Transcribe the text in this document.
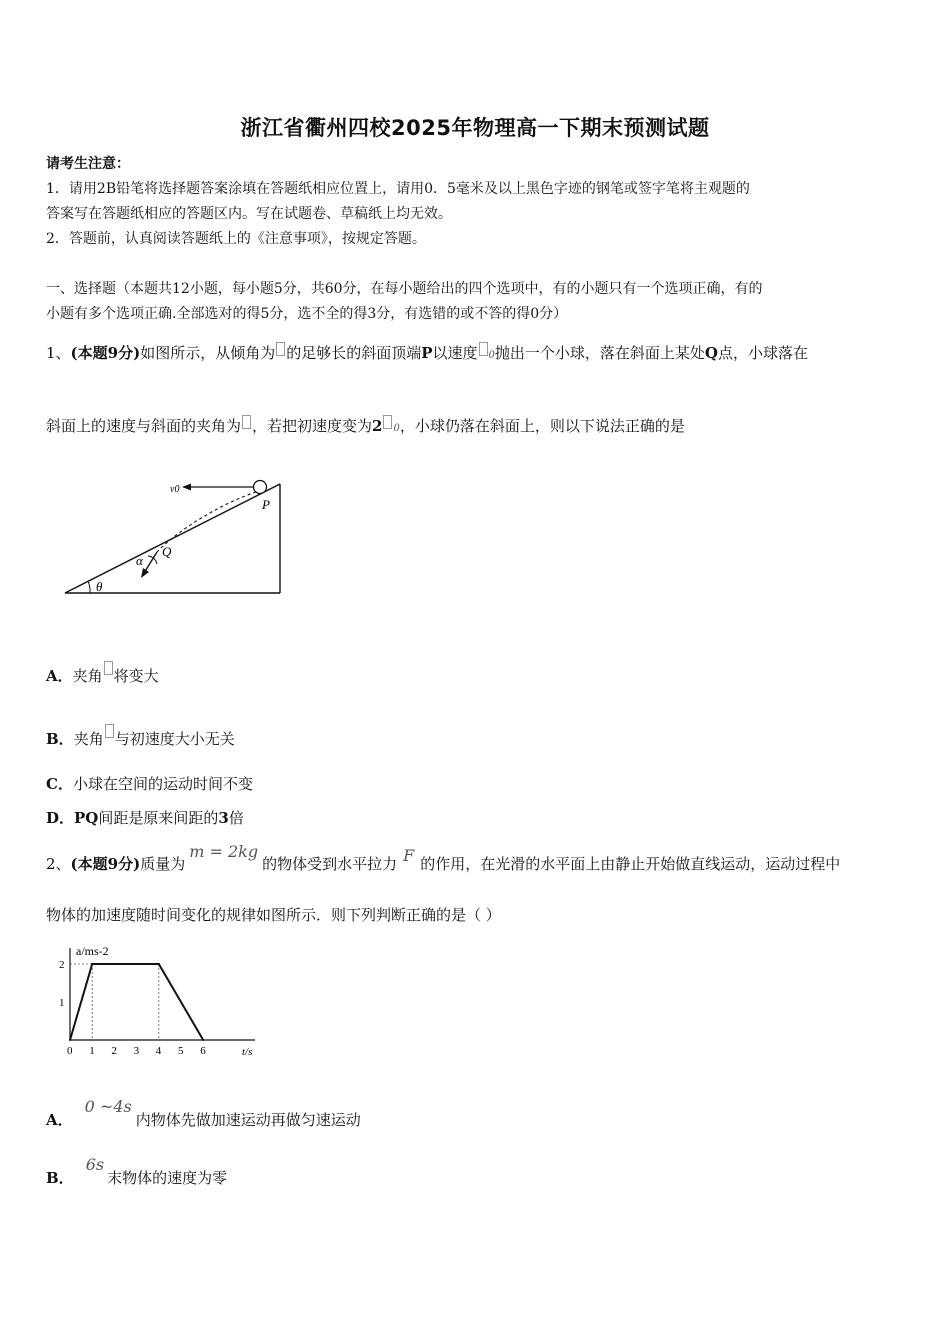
浙江省衢州四校2025年物理高一下期末预测试题
请考生注意：
1．请用2B铅笔将选择题答案涂填在答题纸相应位置上，请用0．5毫米及以上黑色字迹的钢笔或签字笔将主观题的
答案写在答题纸相应的答题区内。写在试题卷、草稿纸上均无效。
2．答题前，认真阅读答题纸上的《注意事项》，按规定答题。
一、选择题（本题共12小题，每小题5分，共60分，在每小题给出的四个选项中，有的小题只有一个选项正确，有的
小题有多个选项正确.全部选对的得5分，选不全的得3分，有选错的或不答的得0分）
1、(本题9分)如图所示，从倾角为 的足够长的斜面顶端P以速度 0抛出一个小球，落在斜面上某处Q点，小球落在
斜面上的速度与斜面的夹角为 ，若把初速度变为2 0，小球仍落在斜面上，则以下说法正确的是
v0
P
Q
α
θ
A．夹角 将变大
B．夹角 与初速度大小无关
C．小球在空间的运动时间不变
D．PQ间距是原来间距的3倍
2、(本题9分)质量为m = 2kg的物体受到水平拉力 F 的作用，在光滑的水平面上由静止开始做直线运动，运动过程中
物体的加速度随时间变化的规律如图所示．则下列判断正确的是（ ）
a/ms-2
t/s
0 1 2 3 4 5 6
1
2
A．0 ~4s内物体先做加速运动再做匀速运动
B．6s末物体的速度为零
